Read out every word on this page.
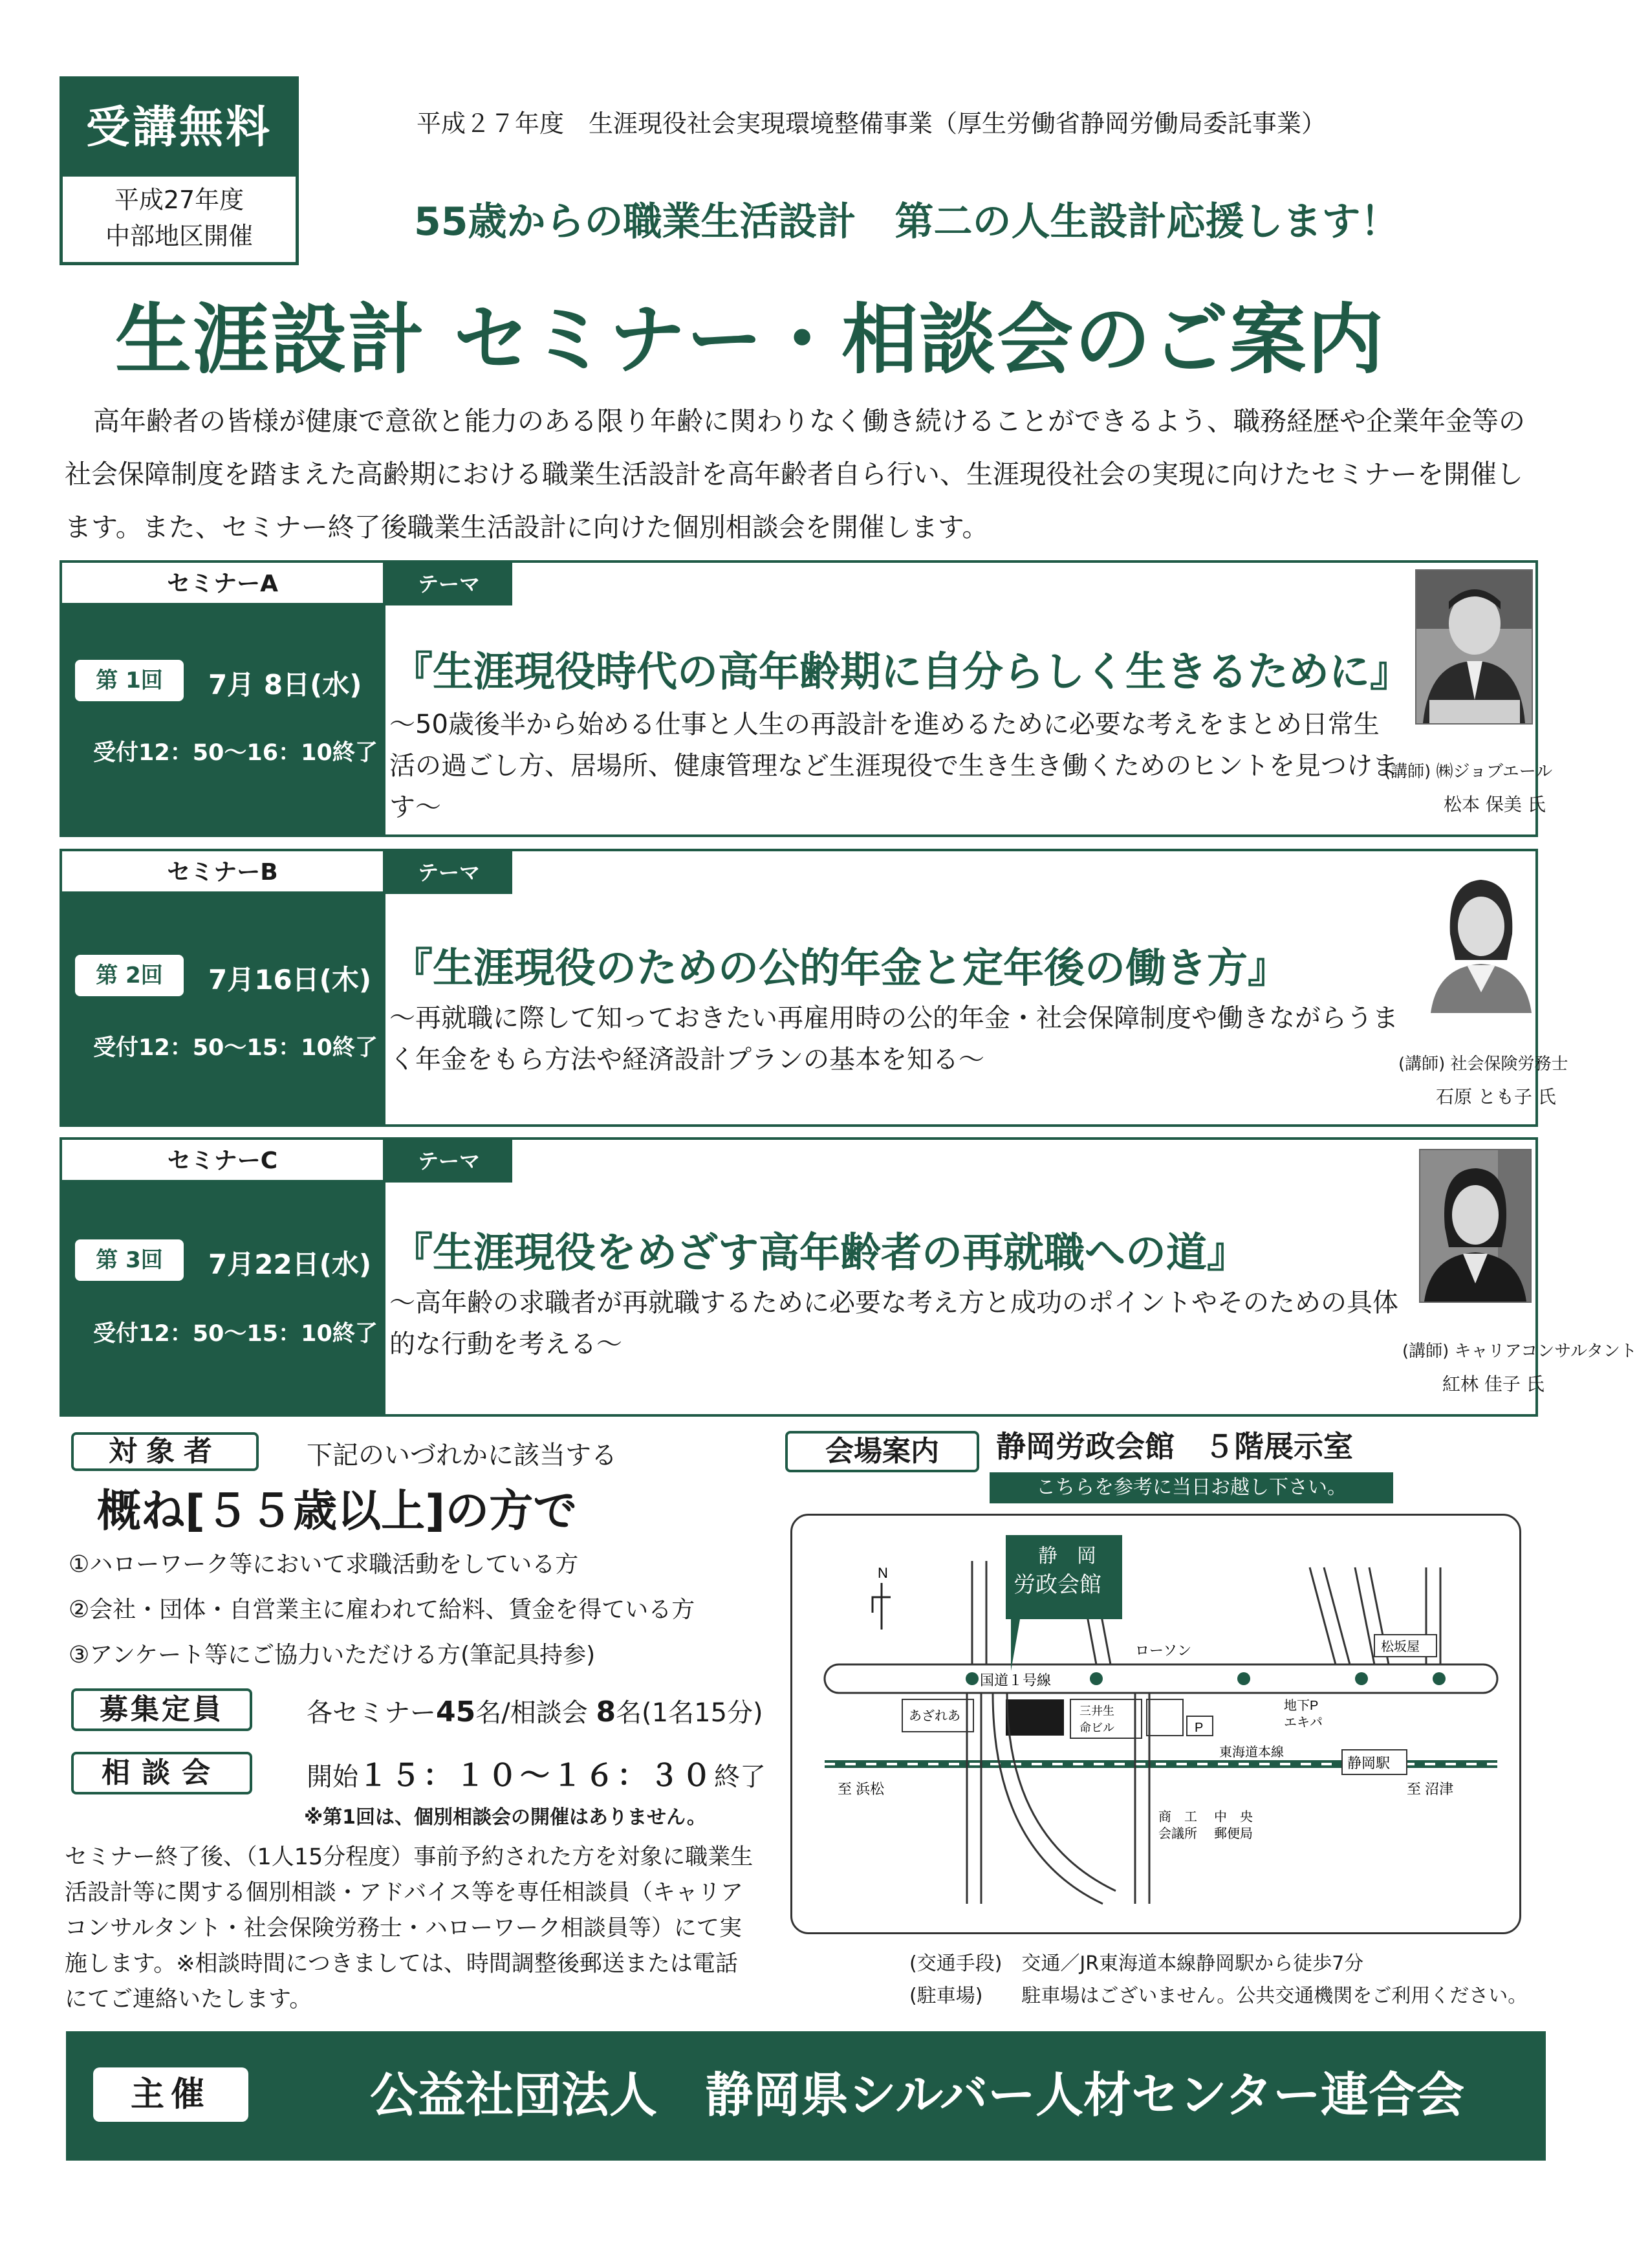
受講無料
平成27年度
中部地区開催
平成２７年度　生涯現役社会実現環境整備事業（厚生労働省静岡労働局委託事業）
55歳からの職業生活設計　第二の人生設計応援します！
生涯設計 セミナー・相談会のご案内
高年齢者の皆様が健康で意欲と能力のある限り年齢に関わりなく働き続けることができるよう、職務経歴や企業年金等の社会保障制度を踏まえた高齢期における職業生活設計を高年齢者自ら行い、生涯現役社会の実現に向けたセミナーを開催します。また、セミナー終了後職業生活設計に向けた個別相談会を開催します。
セミナーA	テーマ
第 1回	7月 8日(水)
受付12：50〜16：10終了
『生涯現役時代の高年齢期に自分らしく生きるために』
〜50歳後半から始める仕事と人生の再設計を進めるために必要な考えをまとめ日常生活の過ごし方、居場所、健康管理など生涯現役で生き生き働くためのヒントを見つけます〜
(講師) ㈱ジョブエール
松本 保美 氏
セミナーB	テーマ
第 2回	7月16日(木)
受付12：50〜15：10終了
『生涯現役のための公的年金と定年後の働き方』
〜再就職に際して知っておきたい再雇用時の公的年金・社会保障制度や働きながらうまく年金をもら方法や経済設計プランの基本を知る〜	(講師) 社会保険労務士
石原 とも子 氏
セミナーC	テーマ
第 3回	7月22日(水)
受付12：50〜15：10終了
『生涯現役をめざす高年齢者の再就職への道』
〜高年齢の求職者が再就職するために必要な考え方と成功のポイントやそのための具体的な行動を考える〜	(講師) キャリアコンサルタント
紅林 佳子 氏
対象者	下記のいづれかに該当する
概ね[５５歳以上]の方で
①ハローワーク等において求職活動をしている方
②会社・団体・自営業主に雇われて給料、賃金を得ている方
③アンケート等にご協力いただける方(筆記具持参)
募集定員	各セミナー45名/相談会 8名(1名15分)
相談会	開始１５：１０〜１６：３０終了
※第1回は、個別相談会の開催はありません。
セミナー終了後、（1人15分程度）事前予約された方を対象に職業生活設計等に関する個別相談・アドバイス等を専任相談員（キャリアコンサルタント・社会保険労務士・ハローワーク相談員等）にて実施します。※相談時間につきましては、時間調整後郵送または電話にてご連絡いたします。
会場案内	静岡労政会館　５階展示室
こちらを参考に当日お越し下さい。
N
国道１号線
静　岡
労政会館
ローソン	松坂屋
あざれあ	三井生
命ビル	P
地下P
エキパ
東海道本線
静岡駅
至 浜松	至 沼津
商　工
会議所
中　央
郵便局
(交通手段)　 交通／JR東海道本線静岡駅から徒歩7分
(駐車場)　　 駐車場はございません。公共交通機関をご利用ください。
主催	公益社団法人　静岡県シルバー人材センター連合会
